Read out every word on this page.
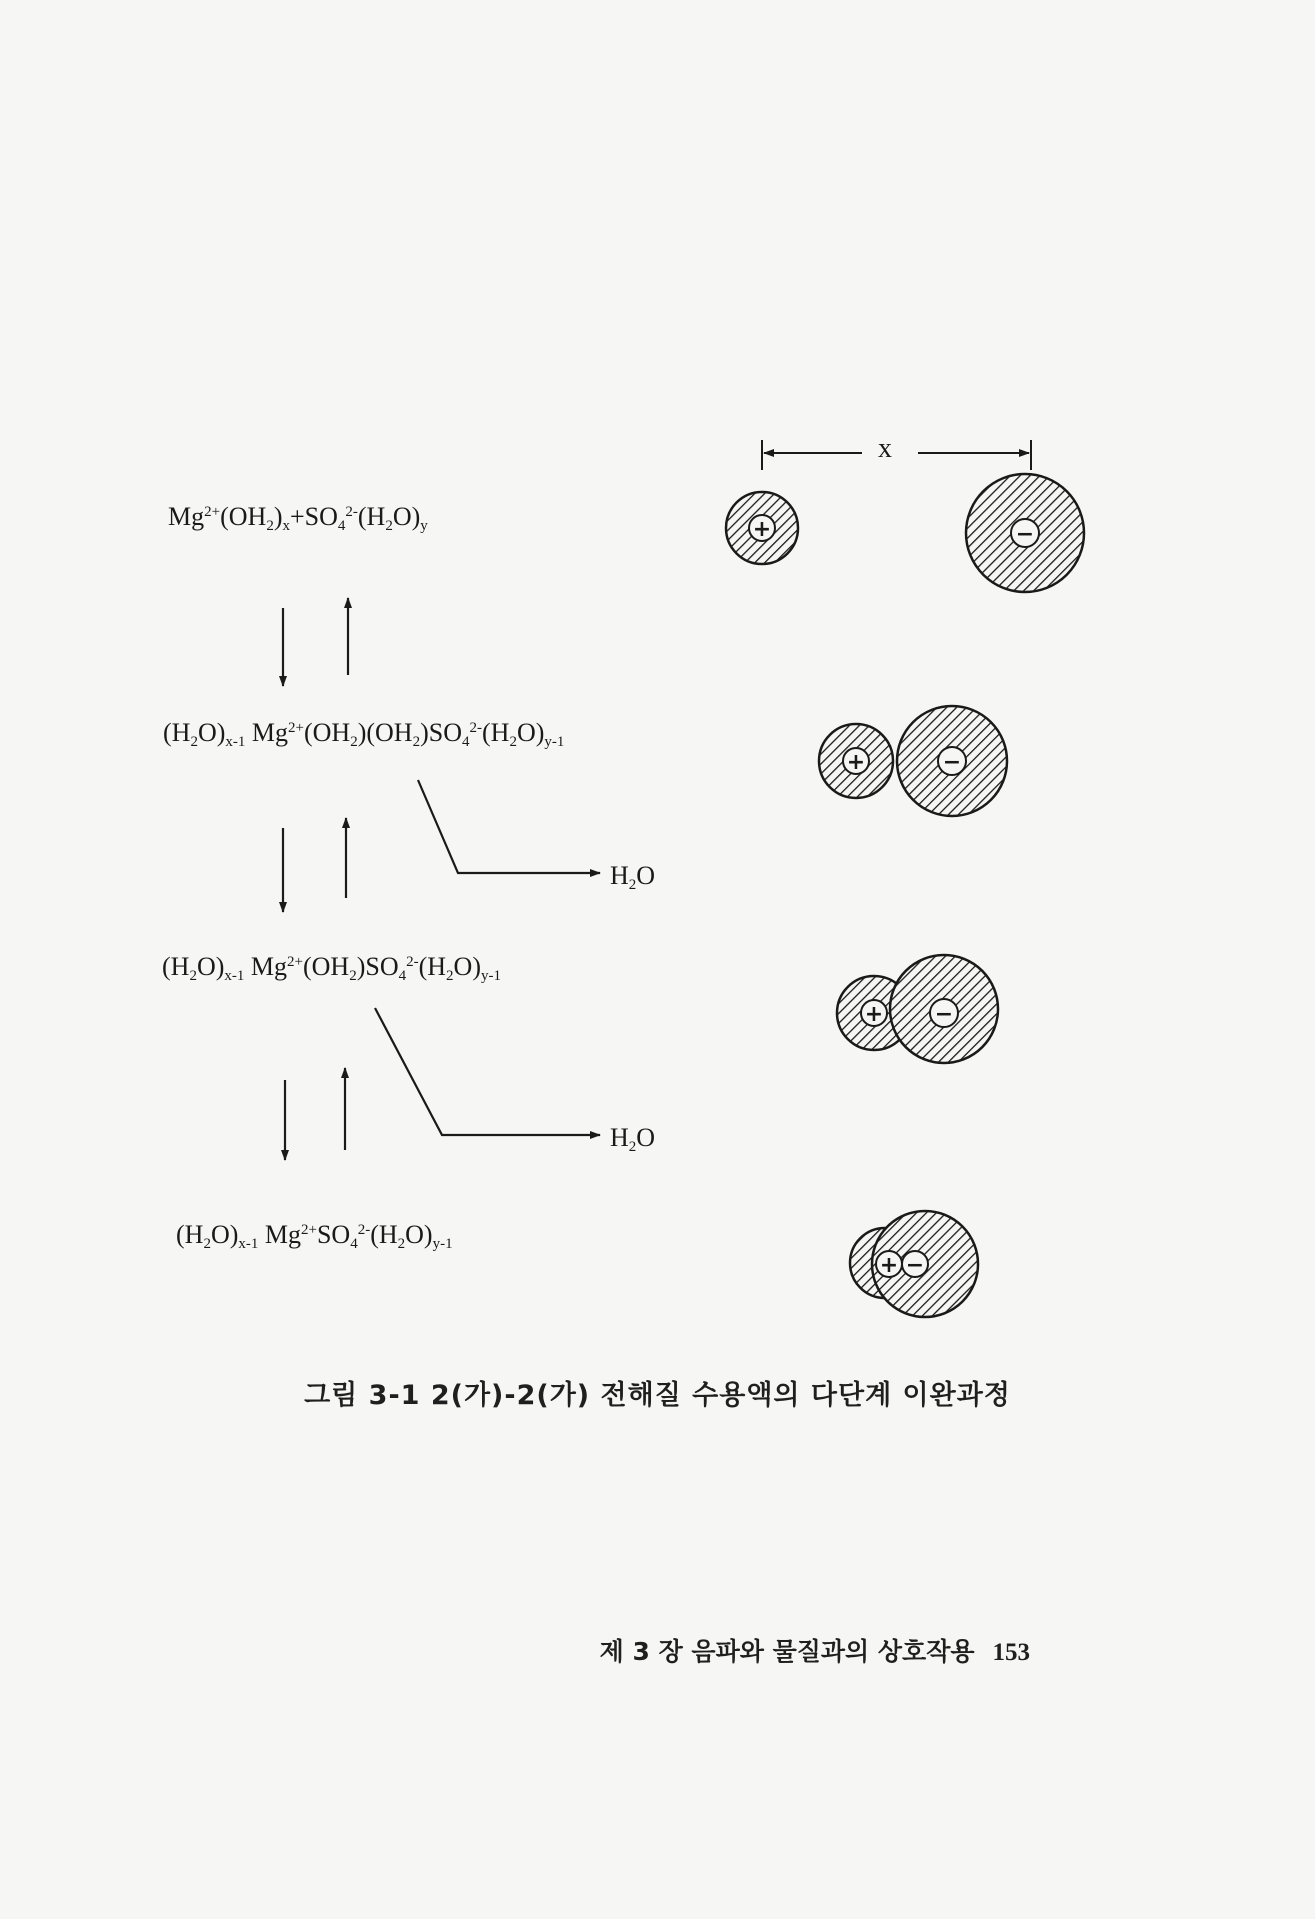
$Mg^{2+}(OH_2)_x+SO_4^{2-}(H_2O)_y$
$(H_2O)_{x-1}$ $Mg^{2+}(OH_2)(OH_2)SO_4^{2-}(H_2O)_{y-1}$
$(H_2O)_{x-1}$ $Mg^{2+}(OH_2)SO_4^{2-}(H_2O)_{y-1}$
$(H_2O)_{x-1}$ $Mg^{2+}SO_4^{2-}(H_2O)_{y-1}$
$H_2O$
$H_2O$
x
+	−
+	−
+ −
+ −
그림 3-1 2(가)-2(가) 전해질 수용액의 다단계 이완과정
제 3 장 음파와 물질과의 상호작용 153
